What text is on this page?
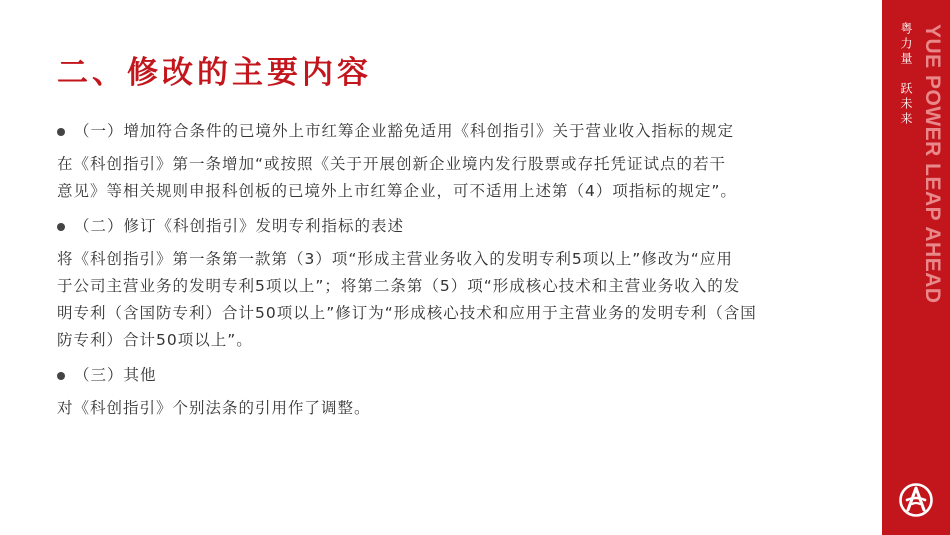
二、修改的主要内容
（一）增加符合条件的已境外上市红筹企业豁免适用《科创指引》关于营业收入指标的规定
在《科创指引》第一条增加“或按照《关于开展创新企业境内发行股票或存托凭证试点的若干
意见》等相关规则申报科创板的已境外上市红筹企业，可不适用上述第（4）项指标的规定”。
（二）修订《科创指引》发明专利指标的表述
将《科创指引》第一条第一款第（3）项“形成主营业务收入的发明专利5项以上”修改为“应用
于公司主营业务的发明专利5项以上”；将第二条第（5）项“形成核心技术和主营业务收入的发
明专利（含国防专利）合计50项以上”修订为“形成核心技术和应用于主营业务的发明专利（含国
防专利）合计50项以上”。
（三）其他
对《科创指引》个别法条的引用作了调整。
粤力量
跃未来 YUE POWER LEAP AHEAD
